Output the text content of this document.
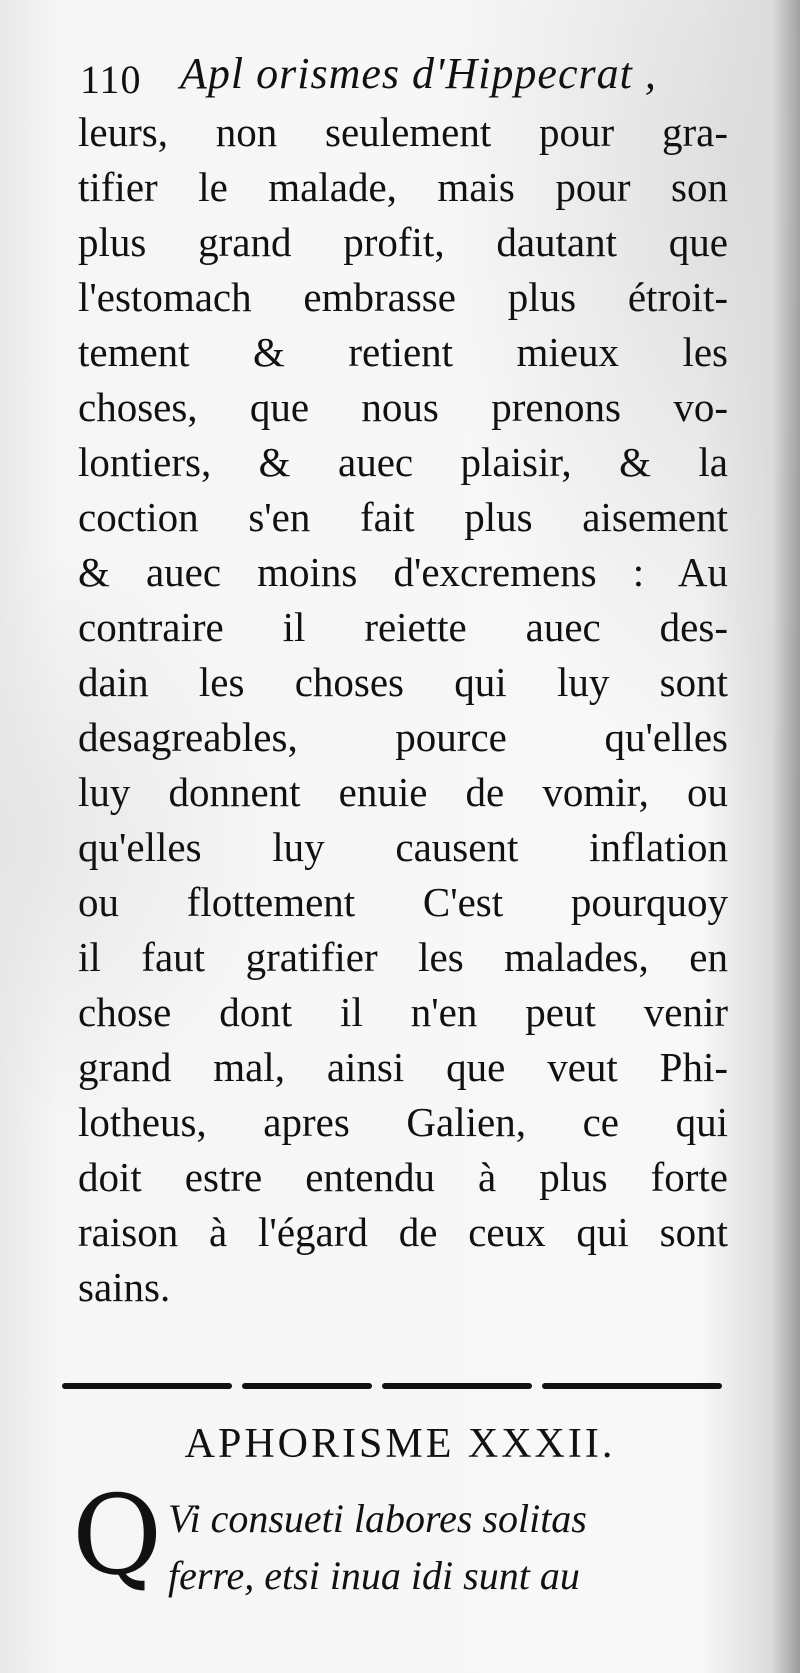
110 Apl orismes d'Hippecrat ,
leurs, non seulement pour gra-
tifier le malade, mais pour son
plus grand profit, dautant que
l'estomach embrasse plus étroit-
tement & retient mieux les
choses, que nous prenons vo-
lontiers, & auec plaisir, & la
coction s'en fait plus aisement
& auec moins d'excremens : Au
contraire il reiette auec des-
dain les choses qui luy sont
desagreables, pource qu'elles
luy donnent enuie de vomir, ou
qu'elles luy causent inflation
ou flottement C'est pourquoy
il faut gratifier les malades, en
chose dont il n'en peut venir
grand mal, ainsi que veut Phi-
lotheus, apres Galien, ce qui
doit estre entendu à plus forte
raison à l'égard de ceux qui sont
sains.
APHORISME XXXII.
Q Vi consueti labores solitas
ferre, etsi inua idi sunt au
